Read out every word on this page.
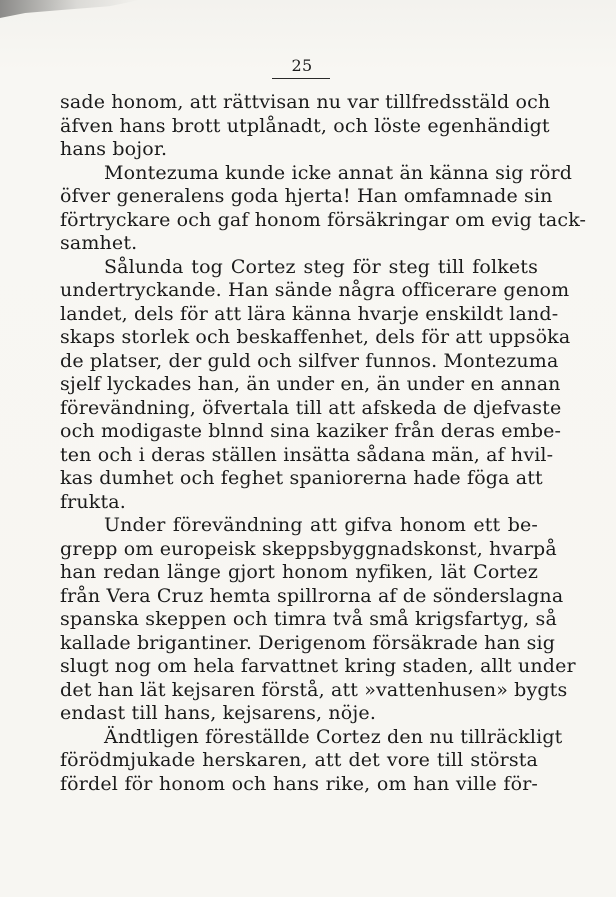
25
sade honom, att rättvisan nu var tillfredsstäld och
äfven hans brott utplånadt, och löste egenhändigt
hans bojor.
Montezuma kunde icke annat än känna sig rörd
öfver generalens goda hjerta! Han omfamnade sin
förtryckare och gaf honom försäkringar om evig tack-
samhet.
Sålunda tog Cortez steg för steg till folkets
undertryckande. Han sände några officerare genom
landet, dels för att lära känna hvarje enskildt land-
skaps storlek och beskaffenhet, dels för att uppsöka
de platser, der guld och silfver funnos. Montezuma
sjelf lyckades han, än under en, än under en annan
förevändning, öfvertala till att afskeda de djefvaste
och modigaste blnnd sina kaziker från deras embe-
ten och i deras ställen insätta sådana män, af hvil-
kas dumhet och feghet spaniorerna hade föga att
frukta.
Under förevändning att gifva honom ett be-
grepp om europeisk skeppsbyggnadskonst, hvarpå
han redan länge gjort honom nyfiken, lät Cortez
från Vera Cruz hemta spillrorna af de sönderslagna
spanska skeppen och timra två små krigsfartyg, så
kallade brigantiner. Derigenom försäkrade han sig
slugt nog om hela farvattnet kring staden, allt under
det han lät kejsaren förstå, att »vattenhusen» bygts
endast till hans, kejsarens, nöje.
Ändtligen föreställde Cortez den nu tillräckligt
förödmjukade herskaren, att det vore till största
fördel för honom och hans rike, om han ville för-
